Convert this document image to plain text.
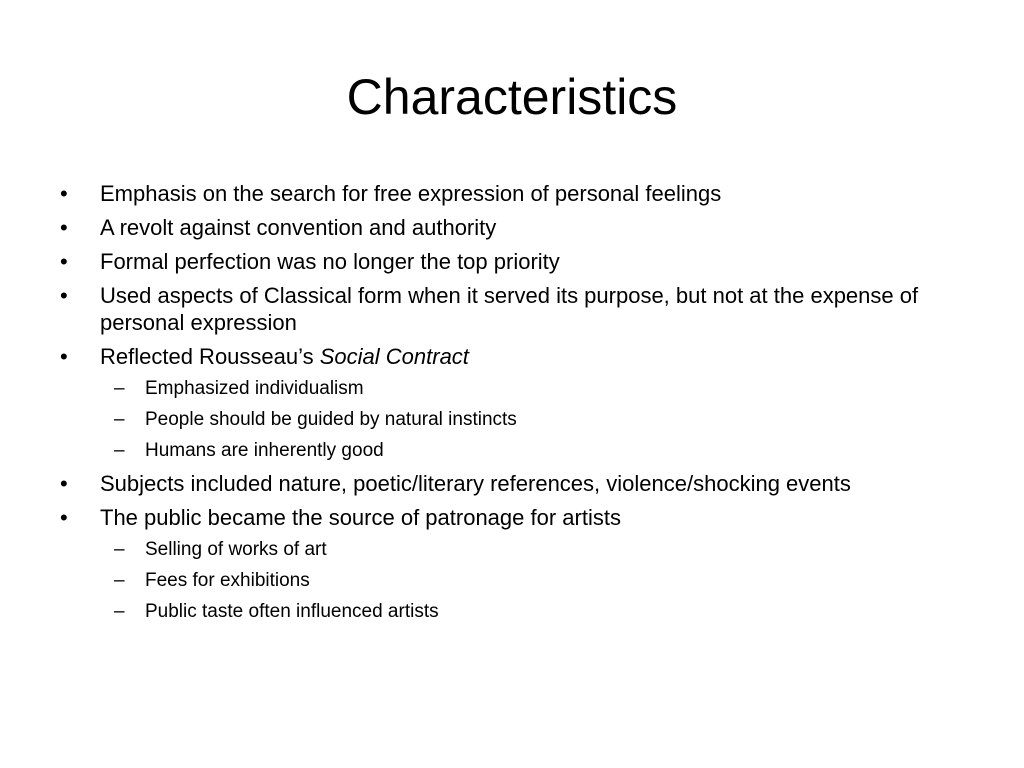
Characteristics
• Emphasis on the search for free expression of personal feelings
• A revolt against convention and authority
• Formal perfection was no longer the top priority
• Used aspects of Classical form when it served its purpose, but not at the expense of personal expression
• Reflected Rousseau’s Social Contract
– Emphasized individualism
– People should be guided by natural instincts
– Humans are inherently good
• Subjects included nature, poetic/literary references, violence/shocking events
• The public became the source of patronage for artists
– Selling of works of art
– Fees for exhibitions
– Public taste often influenced artists
